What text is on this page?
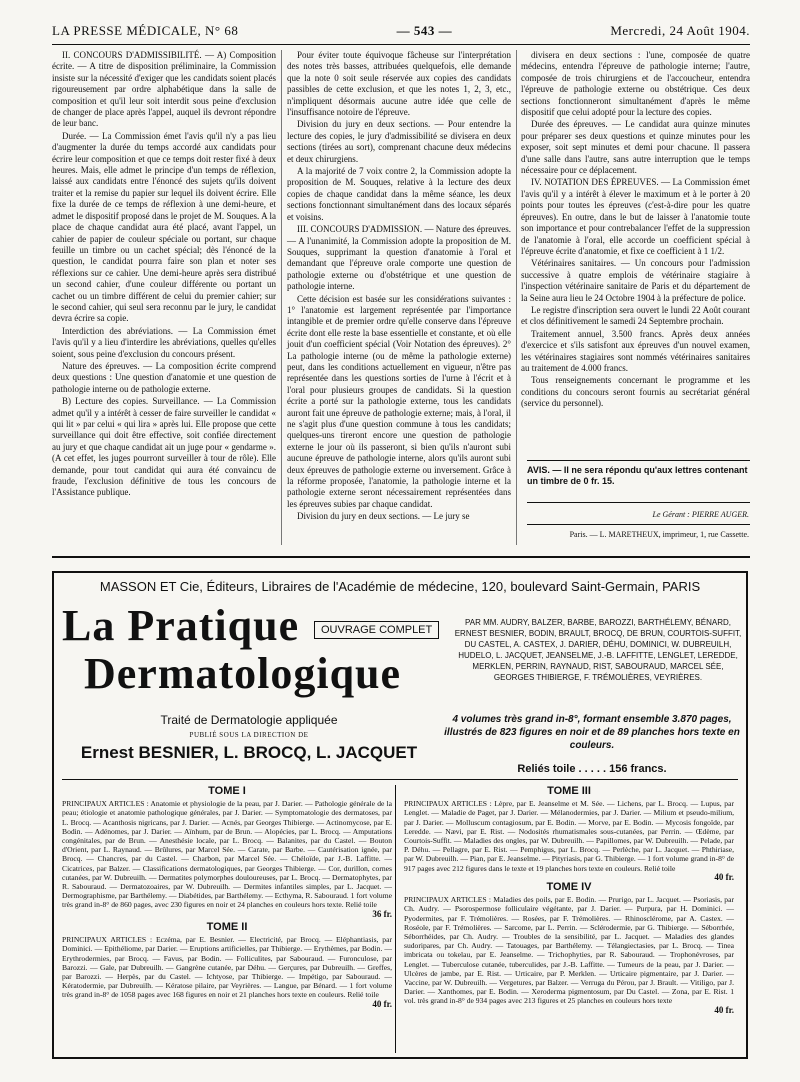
LA PRESSE MÉDICALE, N° 68	— 543 —	Mercredi, 24 Août 1904.

II. CONCOURS D'ADMISSIBILITÉ. — A) Composition écrite. — A titre de disposition préliminaire, la Commission insiste sur la nécessité d'exiger que les candidats soient placés rigoureusement par ordre alphabétique dans la salle de composition et qu'il leur soit interdit sous peine d'exclusion de changer de place après l'appel, auquel ils devront répondre de leur banc.

Durée. — La Commission émet l'avis qu'il n'y a pas lieu d'augmenter la durée du temps accordé aux candidats pour écrire leur composition et que ce temps doit rester fixé à deux heures. Mais, elle admet le principe d'un temps de réflexion, laissé aux candidats entre l'énoncé des sujets qu'ils doivent traiter et la remise du papier sur lequel ils doivent écrire. Elle fixe la durée de ce temps de réflexion à une demi-heure, et admet le dispositif proposé dans le projet de M. Souques. A la place de chaque candidat aura été placé, avant l'appel, un cahier de papier de couleur spéciale ou portant, sur chaque feuille un timbre ou un cachet spécial; dès l'énoncé de la question, le candidat pourra faire son plan et noter ses réflexions sur ce cahier. Une demi-heure après sera distribué un second cahier, d'une couleur différente ou portant un cachet ou un timbre différent de celui du premier cahier; sur le second cahier, qui seul sera reconnu par le jury, le candidat devra écrire sa copie.

Interdiction des abréviations. — La Commission émet l'avis qu'il y a lieu d'interdire les abréviations, quelles qu'elles soient, sous peine d'exclusion du concours présent.

Nature des épreuves. — La composition écrite comprend deux questions : Une question d'anatomie et une question de pathologie interne ou de pathologie externe.

B) Lecture des copies. Surveillance. — La Commission admet qu'il y a intérêt à cesser de faire surveiller le candidat « qui lit » par celui « qui lira » après lui. Elle propose que cette surveillance qui doit être effective, soit confiée directement au jury et que chaque candidat ait un juge pour « gendarme ». (A cet effet, les juges pourront surveiller à tour de rôle). Elle demande, pour tout candidat qui aura été convaincu de fraude, l'exclusion définitive de tous les concours de l'Assistance publique.

Pour éviter toute équivoque fâcheuse sur l'interprétation des notes très basses, attribuées quelquefois, elle demande que la note 0 soit seule réservée aux copies des candidats passibles de cette exclusion, et que les notes 1, 2, 3, etc., n'impliquent désormais aucune autre idée que celle de l'insuffisance notoire de l'épreuve.

Division du jury en deux sections. — Pour entendre la lecture des copies, le jury d'admissibilité se divisera en deux sections (tirées au sort), comprenant chacune deux médecins et deux chirurgiens.

A la majorité de 7 voix contre 2, la Commission adopte la proposition de M. Souques, relative à la lecture des deux copies de chaque candidat dans la même séance, les deux sections fonctionnant simultanément dans des locaux séparés et voisins.

III. CONCOURS D'ADMISSION. — Nature des épreuves. — A l'unanimité, la Commission adopte la proposition de M. Souques, supprimant la question d'anatomie à l'oral et demandant que l'épreuve orale comporte une question de pathologie externe ou d'obstétrique et une question de pathologie interne.

Cette décision est basée sur les considérations suivantes : 1° l'anatomie est largement représentée par l'importance intangible et de premier ordre qu'elle conserve dans l'épreuve écrite dont elle reste la base essentielle et constante, et où elle jouit d'un coefficient spécial (Voir Notation des épreuves). 2° La pathologie interne (ou de même la pathologie externe) peut, dans les conditions actuellement en vigueur, n'être pas représentée dans les questions sorties de l'urne à l'écrit et à l'oral pour plusieurs groupes de candidats. Si la question écrite a porté sur la pathologie externe, tous les candidats auront fait une épreuve de pathologie externe; mais, à l'oral, il ne s'agit plus d'une question commune à tous les candidats; quelques-uns tireront encore une question de pathologie externe le jour où ils passeront, si bien qu'ils n'auront subi aucune épreuve de pathologie interne, alors qu'ils auront subi deux épreuves de pathologie externe ou inversement. Grâce à la réforme proposée, l'anatomie, la pathologie interne et la pathologie externe seront nécessairement représentées dans les épreuves subies par chaque candidat.

Division du jury en deux sections. — Le jury se

divisera en deux sections : l'une, composée de quatre médecins, entendra l'épreuve de pathologie interne; l'autre, composée de trois chirurgiens et de l'accoucheur, entendra l'épreuve de pathologie externe ou obstétrique. Ces deux sections fonctionneront simultanément d'après le même dispositif que celui adopté pour la lecture des copies.

Durée des épreuves. — Le candidat aura quinze minutes pour préparer ses deux questions et quinze minutes pour les exposer, soit sept minutes et demi pour chacune. Il passera d'une salle dans l'autre, sans autre interruption que le temps nécessaire pour ce déplacement.

IV. NOTATION DES ÉPREUVES. — La Commission émet l'avis qu'il y a intérêt à élever le maximum et à le porter à 20 points pour toutes les épreuves (c'est-à-dire pour les quatre épreuves). En outre, dans le but de laisser à l'anatomie toute son importance et pour contrebalancer l'effet de la suppression de l'anatomie à l'oral, elle accorde un coefficient spécial à l'épreuve écrite d'anatomie, et fixe ce coefficient à 1 1/2.

Vétérinaires sanitaires. — Un concours pour l'admission successive à quatre emplois de vétérinaire stagiaire à l'inspection vétérinaire sanitaire de Paris et du département de la Seine aura lieu le 24 Octobre 1904 à la préfecture de police.

Le registre d'inscription sera ouvert le lundi 22 Août courant et clos définitivement le samedi 24 Septembre prochain.

Traitement annuel, 3.500 francs. Après deux années d'exercice et s'ils satisfont aux épreuves d'un nouvel examen, les vétérinaires stagiaires sont nommés vétérinaires sanitaires au traitement de 4.000 francs.

Tous renseignements concernant le programme et les conditions du concours seront fournis au secrétariat général (service du personnel).

AVIS. — Il ne sera répondu qu'aux lettres contenant un timbre de 0 fr. 15.
Le Gérant : PIERRE AUGER.
Paris. — L. MARETHEUX, imprimeur, 1, rue Cassette.
MASSON ET Cie, Éditeurs, Libraires de l'Académie de médecine, 120, boulevard Saint-Germain, PARIS
La Pratique	OUVRAGE COMPLET
Dermatologique
PAR MM. AUDRY, BALZER, BARBE, BAROZZI, BARTHÉLEMY, BÉNARD, ERNEST BESNIER, BODIN, BRAULT, BROCQ, DE BRUN, COURTOIS-SUFFIT, DU CASTEL, A. CASTEX, J. DARIER, DÉHU, DOMINICI, W. DUBREUILH, HUDELO, L. JACQUET, JEANSELME, J.-B. LAFFITTE, LENGLET, LEREDDE, MERKLEN, PERRIN, RAYNAUD, RIST, SABOURAUD, MARCEL SÉE, GEORGES THIBIERGE, F. TRÉMOLIÈRES, VEYRIÈRES.
Traité de Dermatologie appliquée
PUBLIÉ SOUS LA DIRECTION DE
Ernest BESNIER, L. BROCQ, L. JACQUET
4 volumes très grand in-8°, formant ensemble 3.870 pages, illustrés de 823 figures en noir et de 89 planches hors texte en couleurs.
Reliés toile . . . . . 156 francs.
TOME I

PRINCIPAUX ARTICLES : Anatomie et physiologie de la peau, par J. Darier. — Pathologie générale de la peau; étiologie et anatomie pathologique générales, par J. Darier. — Symptomatologie des dermatoses, par L. Brocq. — Acanthosis nigricans, par J. Darier. — Acnés, par Georges Thibierge. — Actinomycose, par E. Bodin. — Adénomes, par J. Darier. — Aïnhum, par de Brun. — Alopécies, par L. Brocq. — Amputations congénitales, par de Brun. — Anesthésie locale, par L. Brocq. — Balanites, par du Castel. — Bouton d'Orient, par L. Raynaud. — Brûlures, par Marcel Sée. — Carate, par Barbe. — Cautérisation ignée, par Brocq. — Chancres, par du Castel. — Charbon, par Marcel Sée. — Chéloïde, par J.-B. Laffitte. — Cicatrices, par Balzer. — Classifications dermatologiques, par Georges Thibierge. — Cor, durillon, cornes cutanées, par W. Dubreuilh. — Dermatites polymorphes douloureuses, par L. Brocq. — Dermatophytes, par R. Sabouraud. — Dermatozoaires, par W. Dubreuilh. — Dermites infantiles simples, par L. Jacquet. — Dermographisme, par Barthélemy. — Diabétides, par Barthélemy. — Ecthyma, R. Sabouraud. 1 fort volume très grand in-8° de 860 pages, avec 230 figures en noir et 24 planches en couleurs hors texte. Relié toile

36 fr.
TOME II

PRINCIPAUX ARTICLES : Eczéma, par E. Besnier. — Electricité, par Brocq. — Eléphantiasis, par Dominici. — Epithéliome, par Darier. — Eruptions artificielles, par Thibierge. — Erythèmes, par Bodin. — Erythrodermies, par Brocq. — Favus, par Bodin. — Folliculites, par Sabouraud. — Furonculose, par Barozzi. — Gale, par Dubreuilh. — Gangrène cutanée, par Déhu. — Gerçures, par Dubreuilh. — Greffes, par Barozzi. — Herpès, par du Castel. — Ichtyose, par Thibierge. — Impétigo, par Sabouraud. — Kératodermie, par Dubreuilh. — Kératose pilaire, par Veyrières. — Langue, par Bénard. — 1 fort volume très grand in-8° de 1058 pages avec 168 figures en noir et 21 planches hors texte en couleurs. Relié toile

40 fr.
TOME III

PRINCIPAUX ARTICLES : Lèpre, par E. Jeanselme et M. Sée. — Lichens, par L. Brocq. — Lupus, par Lenglet. — Maladie de Paget, par J. Darier. — Mélanodermies, par J. Darier. — Milium et pseudo-milium, par J. Darier. — Molluscum contagiosum, par E. Bodin. — Morve, par E. Bodin. — Mycosis fongoïde, par Leredde. — Nævi, par E. Rist. — Nodosités rhumatismales sous-cutanées, par Perrin. — Œdème, par Courtois-Suffit. — Maladies des ongles, par W. Dubreuilh. — Papillomes, par W. Dubreuilh. — Pelade, par P. Déhu. — Pellagre, par E. Rist. — Pemphigus, par L. Brocq. — Perlèche, par L. Jacquet. — Phthiriase, par W. Dubreuilh. — Pian, par E. Jeanselme. — Pityriasis, par G. Thibierge. — 1 fort volume grand in-8° de 917 pages avec 212 figures dans le texte et 19 planches hors texte en couleurs. Relié toile

40 fr.
TOME IV

PRINCIPAUX ARTICLES : Maladies des poils, par E. Bodin. — Prurigo, par L. Jacquet. — Psoriasis, par Ch. Audry. — Psorospermose folliculaire végétante, par J. Darier. — Purpura, par H. Dominici. — Pyodermites, par F. Trémolières. — Rosées, par F. Trémolières. — Rhinosclérome, par A. Castex. — Roséole, par F. Trémolières. — Sarcome, par L. Perrin. — Sclérodermie, par G. Thibierge. — Séborrhée, Séborrhéides, par Ch. Audry. — Troubles de la sensibilité, par L. Jacquet. — Maladies des glandes sudoripares, par Ch. Audry. — Tatouages, par Barthélemy. — Télangiectasies, par L. Brocq. — Tinea imbricata ou tokelau, par E. Jeanselme. — Trichophyties, par R. Sabouraud. — Trophonévroses, par Lenglet. — Tuberculose cutanée, tuberculides, par J.-B. Laffitte. — Tumeurs de la peau, par J. Darier. — Ulcères de jambe, par E. Rist. — Urticaire, par P. Merklen. — Urticaire pigmentaire, par J. Darier. — Vaccine, par W. Dubreuilh. — Vergetures, par Balzer. — Verruga du Pérou, par J. Brault. — Vitiligo, par J. Darier. — Xanthomes, par E. Bodin. — Xeroderma pigmentosum, par Du Castel. — Zona, par E. Rist. 1 vol. très grand in-8° de 934 pages avec 213 figures et 25 planches en couleurs hors texte

40 fr.
